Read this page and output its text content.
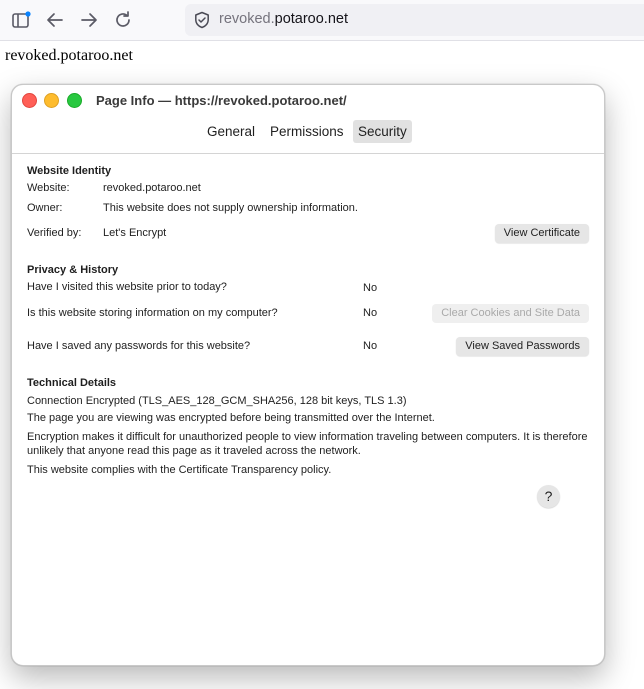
revoked.potaroo.net
revoked.potaroo.net
Page Info — https://revoked.potaroo.net/
General	Permissions	Security
Website Identity
Website:	revoked.potaroo.net
Owner:	This website does not supply ownership information.
Verified by: Let's Encrypt	View Certificate
Privacy & History
Have I visited this website prior to today?	No
Is this website storing information on my computer?	No	Clear Cookies and Site Data
Have I saved any passwords for this website?	No	View Saved Passwords
Technical Details
Connection Encrypted (TLS_AES_128_GCM_SHA256, 128 bit keys, TLS 1.3)
The page you are viewing was encrypted before being transmitted over the Internet.
Encryption makes it difficult for unauthorized people to view information traveling between computers. It is therefore unlikely that anyone read this page as it traveled across the network.
This website complies with the Certificate Transparency policy.
?
